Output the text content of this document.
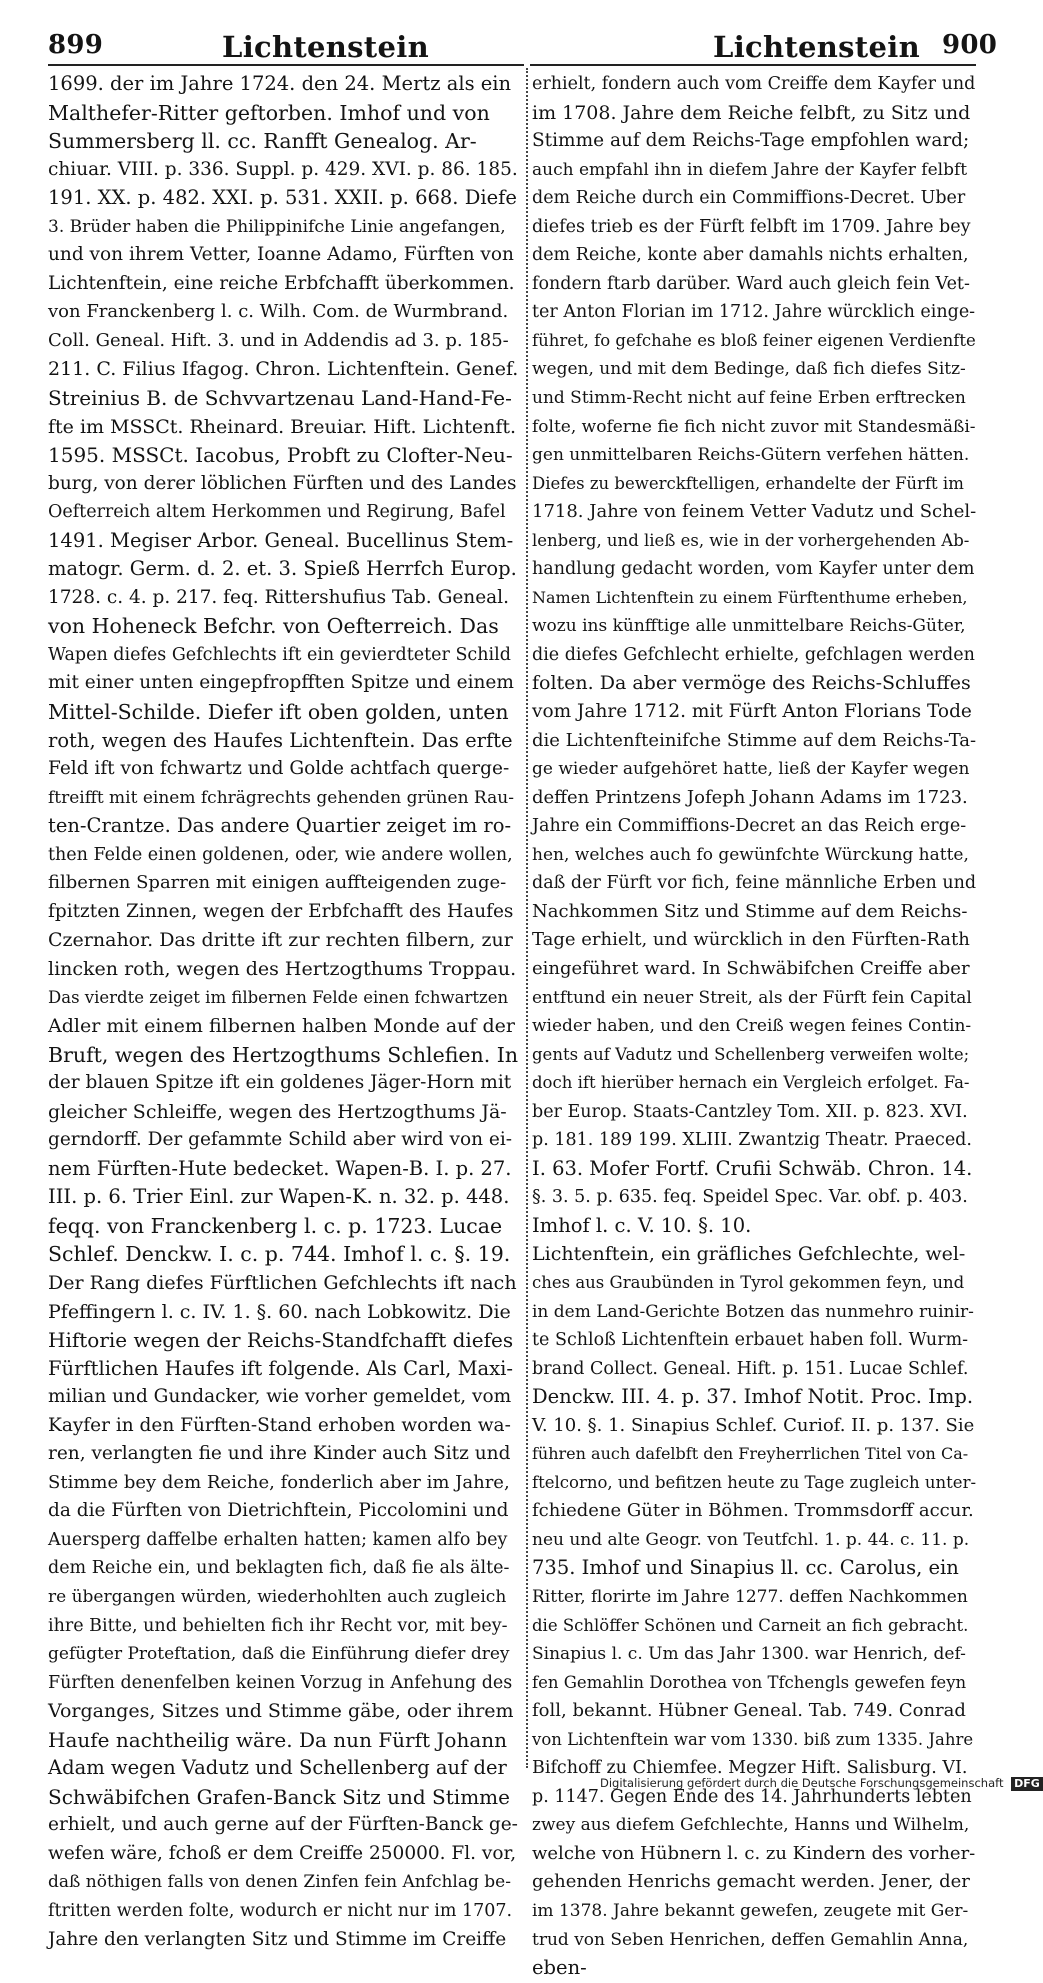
899	Lichtenstein	Lichtenstein 900
1699. der im Jahre 1724. den 24. Mertz als ein
Malthefer-Ritter geftorben. Imhof und von
Summersberg ll. cc. Ranfft Genealog. Ar-
chiuar. VIII. p. 336. Suppl. p. 429. XVI. p. 86. 185.
191. XX. p. 482. XXI. p. 531. XXII. p. 668. Diefe
3. Brüder haben die Philippinifche Linie angefangen,
und von ihrem Vetter, Ioanne Adamo, Fürften von
Lichtenftein, eine reiche Erbfchafft überkommen.
von Franckenberg l. c. Wilh. Com. de Wurmbrand.
Coll. Geneal. Hift. 3. und in Addendis ad 3. p. 185-
211. C. Filius Ifagog. Chron. Lichtenftein. Genef.
Streinius B. de Schvvartzenau Land-Hand-Fe-
fte im MSSCt. Rheinard. Breuiar. Hift. Lichtenft.
1595. MSSCt. Iacobus, Probft zu Clofter-Neu-
burg, von derer löblichen Fürften und des Landes
Oefterreich altem Herkommen und Regirung, Bafel
1491. Megiser Arbor. Geneal. Bucellinus Stem-
matogr. Germ. d. 2. et. 3. Spieß Herrfch Europ.
1728. c. 4. p. 217. feq. Rittershufius Tab. Geneal.
von Hoheneck Befchr. von Oefterreich. Das
Wapen diefes Gefchlechts ift ein gevierdteter Schild
mit einer unten eingepfropfften Spitze und einem
Mittel-Schilde. Diefer ift oben golden, unten
roth, wegen des Haufes Lichtenftein. Das erfte
Feld ift von fchwartz und Golde achtfach querge-
ftreifft mit einem fchrägrechts gehenden grünen Rau-
ten-Crantze. Das andere Quartier zeiget im ro-
then Felde einen goldenen, oder, wie andere wollen,
filbernen Sparren mit einigen auffteigenden zuge-
fpitzten Zinnen, wegen der Erbfchafft des Haufes
Czernahor. Das dritte ift zur rechten filbern, zur
lincken roth, wegen des Hertzogthums Troppau.
Das vierdte zeiget im filbernen Felde einen fchwartzen
Adler mit einem filbernen halben Monde auf der
Bruft, wegen des Hertzogthums Schlefien. In
der blauen Spitze ift ein goldenes Jäger-Horn mit
gleicher Schleiffe, wegen des Hertzogthums Jä-
gerndorff. Der gefammte Schild aber wird von ei-
nem Fürften-Hute bedecket. Wapen-B. I. p. 27.
III. p. 6. Trier Einl. zur Wapen-K. n. 32. p. 448.
feqq. von Franckenberg l. c. p. 1723. Lucae
Schlef. Denckw. I. c. p. 744. Imhof l. c. §. 19.
Der Rang diefes Fürftlichen Gefchlechts ift nach
Pfeffingern l. c. IV. 1. §. 60. nach Lobkowitz. Die
Hiftorie wegen der Reichs-Standfchafft diefes
Fürftlichen Haufes ift folgende. Als Carl, Maxi-
milian und Gundacker, wie vorher gemeldet, vom
Kayfer in den Fürften-Stand erhoben worden wa-
ren, verlangten fie und ihre Kinder auch Sitz und
Stimme bey dem Reiche, fonderlich aber im Jahre,
da die Fürften von Dietrichftein, Piccolomini und
Auersperg daffelbe erhalten hatten; kamen alfo bey
dem Reiche ein, und beklagten fich, daß fie als älte-
re übergangen würden, wiederhohlten auch zugleich
ihre Bitte, und behielten fich ihr Recht vor, mit bey-
gefügter Proteftation, daß die Einführung diefer drey
Fürften denenfelben keinen Vorzug in Anfehung des
Vorganges, Sitzes und Stimme gäbe, oder ihrem
Haufe nachtheilig wäre. Da nun Fürft Johann
Adam wegen Vadutz und Schellenberg auf der
Schwäbifchen Grafen-Banck Sitz und Stimme
erhielt, und auch gerne auf der Fürften-Banck ge-
wefen wäre, fchoß er dem Creiffe 250000. Fl. vor,
daß nöthigen falls von denen Zinfen fein Anfchlag be-
ftritten werden folte, wodurch er nicht nur im 1707.
Jahre den verlangten Sitz und Stimme im Creiffe
erhielt, fondern auch vom Creiffe dem Kayfer und
im 1708. Jahre dem Reiche felbft, zu Sitz und
Stimme auf dem Reichs-Tage empfohlen ward;
auch empfahl ihn in diefem Jahre der Kayfer felbft
dem Reiche durch ein Commiffions-Decret. Uber
diefes trieb es der Fürft felbft im 1709. Jahre bey
dem Reiche, konte aber damahls nichts erhalten,
fondern ftarb darüber. Ward auch gleich fein Vet-
ter Anton Florian im 1712. Jahre würcklich einge-
führet, fo gefchahe es bloß feiner eigenen Verdienfte
wegen, und mit dem Bedinge, daß fich diefes Sitz-
und Stimm-Recht nicht auf feine Erben erftrecken
folte, woferne fie fich nicht zuvor mit Standesmäßi-
gen unmittelbaren Reichs-Gütern verfehen hätten.
Diefes zu bewerckftelligen, erhandelte der Fürft im
1718. Jahre von feinem Vetter Vadutz und Schel-
lenberg, und ließ es, wie in der vorhergehenden Ab-
handlung gedacht worden, vom Kayfer unter dem
Namen Lichtenftein zu einem Fürftenthume erheben,
wozu ins künfftige alle unmittelbare Reichs-Güter,
die diefes Gefchlecht erhielte, gefchlagen werden
folten. Da aber vermöge des Reichs-Schluffes
vom Jahre 1712. mit Fürft Anton Florians Tode
die Lichtenfteinifche Stimme auf dem Reichs-Ta-
ge wieder aufgehöret hatte, ließ der Kayfer wegen
deffen Printzens Jofeph Johann Adams im 1723.
Jahre ein Commiffions-Decret an das Reich erge-
hen, welches auch fo gewünfchte Würckung hatte,
daß der Fürft vor fich, feine männliche Erben und
Nachkommen Sitz und Stimme auf dem Reichs-
Tage erhielt, und würcklich in den Fürften-Rath
eingeführet ward. In Schwäbifchen Creiffe aber
entftund ein neuer Streit, als der Fürft fein Capital
wieder haben, und den Creiß wegen feines Contin-
gents auf Vadutz und Schellenberg verweifen wolte;
doch ift hierüber hernach ein Vergleich erfolget. Fa-
ber Europ. Staats-Cantzley Tom. XII. p. 823. XVI.
p. 181. 189 199. XLIII. Zwantzig Theatr. Praeced.
I. 63. Mofer Fortf. Crufii Schwäb. Chron. 14.
§. 3. 5. p. 635. feq. Speidel Spec. Var. obf. p. 403.
Imhof l. c. V. 10. §. 10.
Lichtenftein, ein gräfliches Gefchlechte, wel-
ches aus Graubünden in Tyrol gekommen feyn, und
in dem Land-Gerichte Botzen das nunmehro ruinir-
te Schloß Lichtenftein erbauet haben foll. Wurm-
brand Collect. Geneal. Hift. p. 151. Lucae Schlef.
Denckw. III. 4. p. 37. Imhof Notit. Proc. Imp.
V. 10. §. 1. Sinapius Schlef. Curiof. II. p. 137. Sie
führen auch dafelbft den Freyherrlichen Titel von Ca-
ftelcorno, und befitzen heute zu Tage zugleich unter-
fchiedene Güter in Böhmen. Trommsdorff accur.
neu und alte Geogr. von Teutfchl. 1. p. 44. c. 11. p.
735. Imhof und Sinapius ll. cc. Carolus, ein
Ritter, florirte im Jahre 1277. deffen Nachkommen
die Schlöffer Schönen und Carneit an fich gebracht.
Sinapius l. c. Um das Jahr 1300. war Henrich, def-
fen Gemahlin Dorothea von Tfchengls gewefen feyn
foll, bekannt. Hübner Geneal. Tab. 749. Conrad
von Lichtenftein war vom 1330. biß zum 1335. Jahre
Bifchoff zu Chiemfee. Megzer Hift. Salisburg. VI.
p. 1147. Gegen Ende des 14. Jahrhunderts lebten
zwey aus diefem Gefchlechte, Hanns und Wilhelm,
welche von Hübnern l. c. zu Kindern des vorher-
gehenden Henrichs gemacht werden. Jener, der
im 1378. Jahre bekannt gewefen, zeugete mit Ger-
trud von Seben Henrichen, deffen Gemahlin Anna,
eben-
Digitalisierung gefördert durch die Deutsche Forschungsgemeinschaft DFG
